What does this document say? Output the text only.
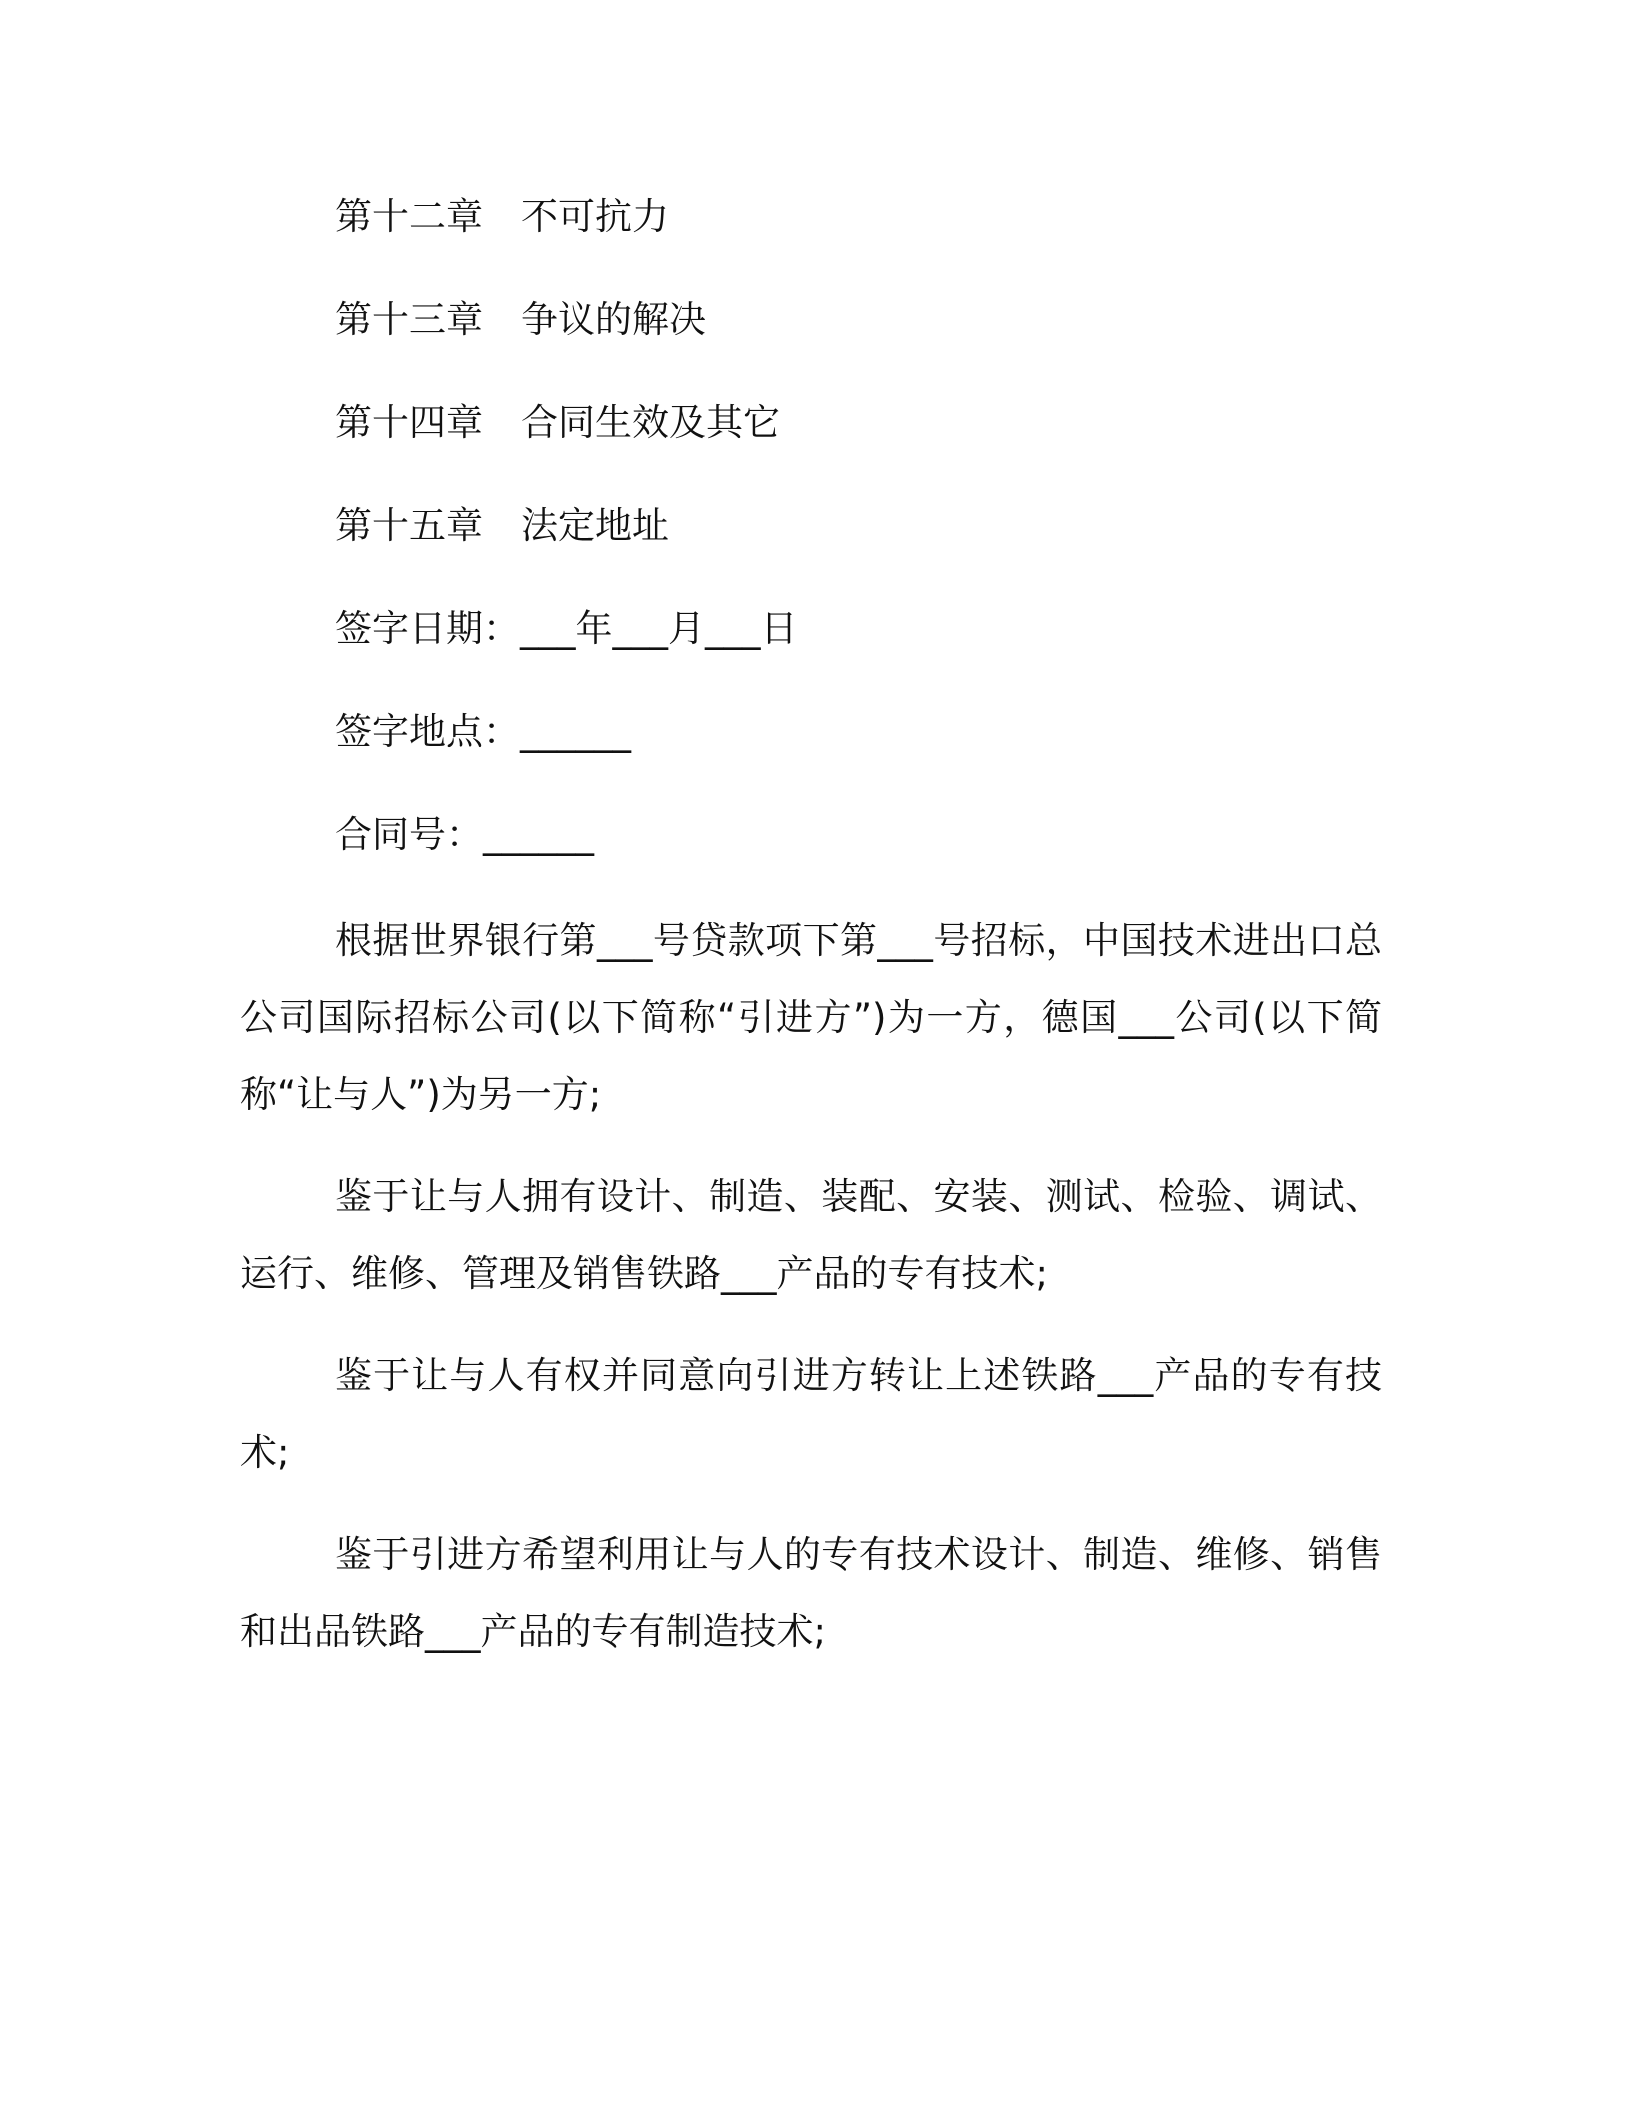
第十二章 不可抗力
第十三章 争议的解决
第十四章 合同生效及其它
第十五章 法定地址
签字日期：___年___月___日
签字地点：______
合同号：______

根据世界银行第___号贷款项下第___号招标，中国技术进出口总公司国际招标公司(以下简称“引进方”)为一方，德国___公司(以下简称“让与人”)为另一方;

鉴于让与人拥有设计、制造、装配、安装、测试、检验、调试、运行、维修、管理及销售铁路___产品的专有技术;

鉴于让与人有权并同意向引进方转让上述铁路___产品的专有技术;

鉴于引进方希望利用让与人的专有技术设计、制造、维修、销售和出品铁路___产品的专有制造技术;
